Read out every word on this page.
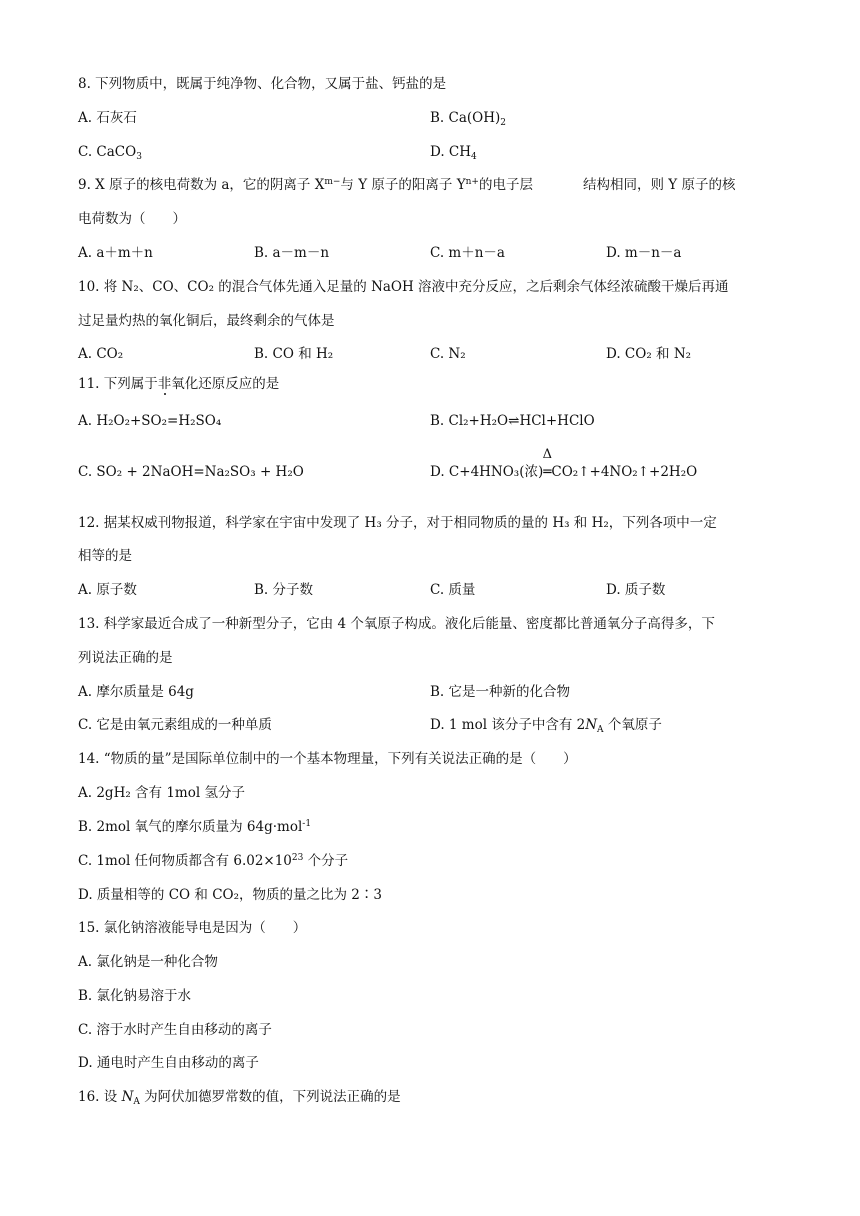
8. 下列物质中，既属于纯净物、化合物，又属于盐、钙盐的是
A. 石灰石	B. $Ca(OH)_2$
C. CaCO$_3$	D. $CH_4$
9. X 原子的核电荷数为 a，它的阴离子 $X^{m-}$与 Y 原子的阳离子 $Y^{n+}$的电子层	结构相同，则 Y 原子的核
电荷数为（　　）
A. a＋m＋n	B. a－m－n	C. m＋n－a	D. m－n－a
10. 将 N₂、CO、CO₂ 的混合气体先通入足量的 NaOH 溶液中充分反应，之后剩余气体经浓硫酸干燥后再通
过足量灼热的氧化铜后，最终剩余的气体是
A. CO₂	B. CO 和 H₂	C. N₂	D. CO₂ 和 N₂
11. 下列属于非氧化还原反应的是
A. H₂O₂+SO₂=H₂SO₄	B. Cl₂+H₂O⇌HCl+HClO
C. SO₂ + 2NaOH=Na₂SO₃ + H₂O	D. C+4HNO₃(浓)
Δ
═CO₂↑+4NO₂↑+2H₂O
12. 据某权威刊物报道，科学家在宇宙中发现了 H₃ 分子，对于相同物质的量的 H₃ 和 H₂，下列各项中一定
相等的是
A. 原子数	B. 分子数	C. 质量	D. 质子数
13. 科学家最近合成了一种新型分子，它由 4 个氧原子构成。液化后能量、密度都比普通氧分子高得多，下
列说法正确的是
A. 摩尔质量是 64g	B. 它是一种新的化合物
C. 它是由氧元素组成的一种单质	D. 1 mol 该分子中含有 $2N_A$ 个氧原子
14. “物质的量”是国际单位制中的一个基本物理量，下列有关说法正确的是（　　）
A. 2gH₂ 含有 1mol 氢分子
B. 2mol 氧气的摩尔质量为 64g·mol$^{-1}$
C. 1mol 任何物质都含有 $6.02\times 10^{23}$ 个分子
D. 质量相等的 CO 和 CO₂，物质的量之比为 2∶3
15. 氯化钠溶液能导电是因为（　　）
A. 氯化钠是一种化合物
B. 氯化钠易溶于水
C. 溶于水时产生自由移动的离子
D. 通电时产生自由移动的离子
16. 设 $N_A$ 为阿伏加德罗常数的值，下列说法正确的是
